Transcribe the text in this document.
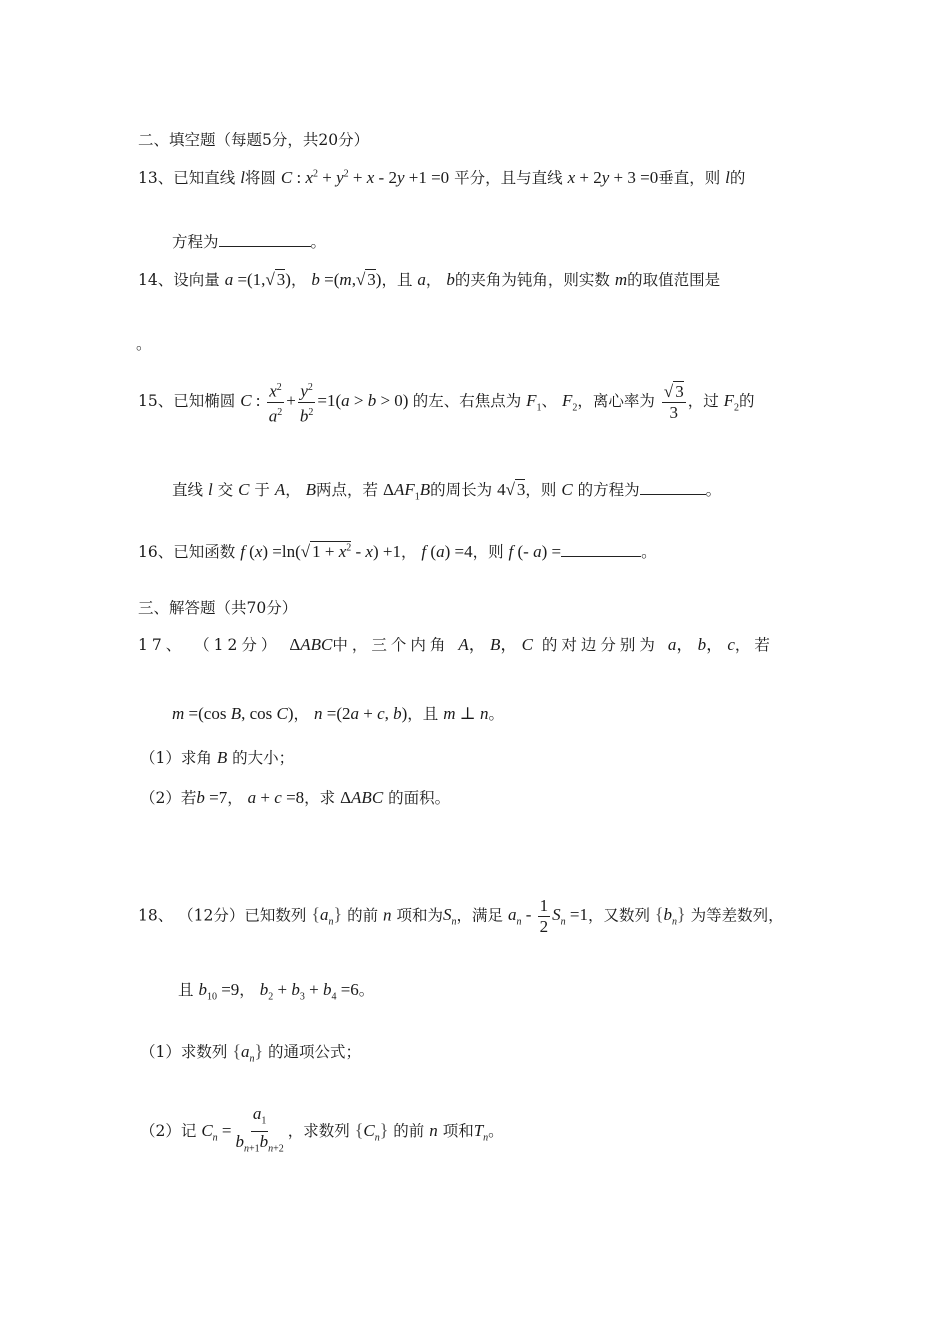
二、填空题（每题5分，共20分）
13、已知直线 l将圆 C : $x^2 + y^2 + x - 2y +1 =0$ 平分，且与直线 x + 2y + 3 =0垂直，则 l的
方程为	。
14、设向量 a =(1,√ 3)， b =(m,√ 3)，且 a， b的夹角为钝角，则实数 m的取值范围是
。
15、已知椭圆 C : $\frac{x^2}{a^2} + \frac{y^2}{b^2} =1(a > b > 0)$ 的左、右焦点为 $F_1$、 $F_2$，离心率为 $\frac{√ 3}{3}$ ，过 $F_2$的
直线 l 交 C 于 A， B两点，若 $\Delta AF_1B$的周长为 4√ 3，则 C 的方程为	。
16、已知函数 f (x) =ln(√ $1 + x^2 - x) +1$， f (a) =4，则 f (- a) =	。
三、解答题（共70分）
17、 （12分） ΔABC中，三个内角 A， B， C 的对边分别为 a， b， c，若
m =(cos B, cos C)， n =(2a + c, b)，且 m ⊥ n。
（1）求角 B 的大小；
（2）若b =7， a + c =8，求 ΔABC 的面积。
18、 （12分）已知数列 $\{a_n\}$ 的前 n 项和为$S_n$，满足 $a_n - \frac{1}{2} S_n =1$，又数列 $\{b_n\}$ 为等差数列，
且 $b_{10} =9$， $b_2 + b_3 + b_4 =6$。
（1）求数列 $\{a_n\}$ 的通项公式；
（2）记 $C_n = \frac{a_1}{b_{n+1}b_{n+2}}$ ，求数列 $\{C_n\}$ 的前 n 项和$T_n$。
